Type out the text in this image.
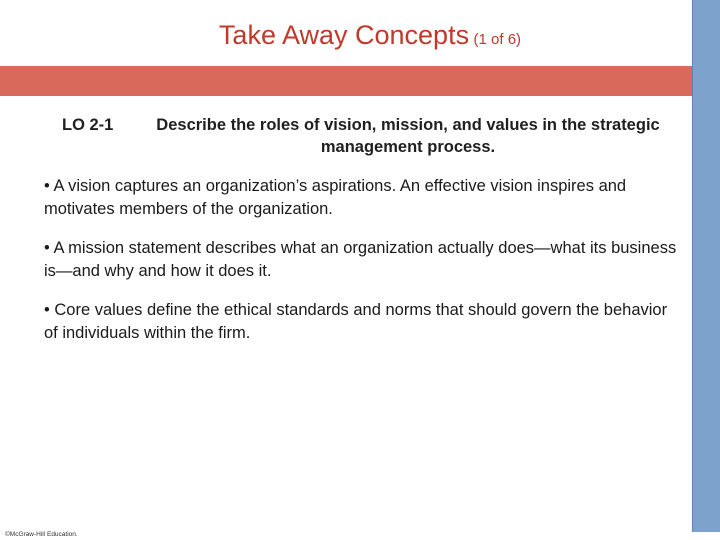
Take Away Concepts (1 of 6)
LO 2-1	Describe the roles of vision, mission, and values in the strategic
management process.
• A vision captures an organization’s aspirations. An effective vision inspires and motivates members of the organization.
• A mission statement describes what an organization actually does—what its business is—and why and how it does it.
• Core values define the ethical standards and norms that should govern the behavior of individuals within the firm.
©McGraw-Hill Education.
